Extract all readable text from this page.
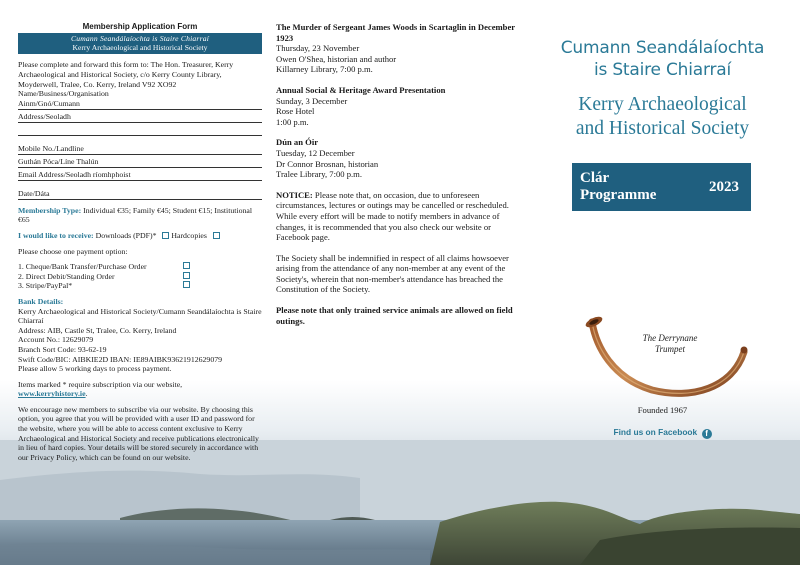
Membership Application Form
Cumann Seandálaíochta is Staire Chiarraí
Kerry Archaeological and Historical Society
Please complete and forward this form to: The Hon. Treasurer, Kerry Archaeological and Historical Society, c/o Kerry County Library, Moyderwell, Tralee, Co. Kerry, Ireland V92 XO92
Name/Business/Organisation
Ainm/Gnó/Cumann
Address/Seoladh
Mobile No./Landline
Guthán Póca/Líne Thalún
Email Address/Seoladh ríomhphoist
Date/Dáta
Membership Type: Individual €35; Family €45; Student €15; Institutional €65
I would like to receive: Downloads (PDF)*  Hardcopies
Please choose one payment option:
1. Cheque/Bank Transfer/Purchase Order
2. Direct Debit/Standing Order
3. Stripe/PayPal*
Bank Details:
Kerry Archaeological and Historical Society/Cumann Seandálaíochta is Staire Chiarraí
Address: AIB, Castle St, Tralee, Co. Kerry, Ireland
Account No.: 12629079
Branch Sort Code: 93-62-19
Swift Code/BIC: AIBKIE2D IBAN: IE89AIBK93621912629079
Please allow 5 working days to process payment.
Items marked * require subscription via our website,
www.kerryhistory.ie.
We encourage new members to subscribe via our website. By choosing this option, you agree that you will be provided with a user ID and password for the website, where you will be able to access content exclusive to Kerry Archaeological and Historical Society and receive publications electronically in lieu of hard copies. Your details will be stored securely in accordance with our Privacy Policy, which can be found on our website.
The Murder of Sergeant James Woods in Scartaglin in December 1923
Thursday, 23 November
Owen O'Shea, historian and author
Killarney Library, 7:00 p.m.
Annual Social & Heritage Award Presentation
Sunday, 3 December
Rose Hotel
1:00 p.m.
Dún an Óir
Tuesday, 12 December
Dr Connor Brosnan, historian
Tralee Library, 7:00 p.m.
NOTICE: Please note that, on occasion, due to unforeseen circumstances, lectures or outings may be cancelled or rescheduled. While every effort will be made to notify members in advance of changes, it is recommended that you also check our website or Facebook page.
The Society shall be indemnified in respect of all claims howsoever arising from the attendance of any non-member at any event of the Society's, wherein that non-member's attendance has breached the Constitution of the Society.
Please note that only trained service animals are allowed on field outings.
Cumann Seandálaíochta
is Staire Chiarraí
Kerry Archaeological
and Historical Society
Clár
Programme
2023
The Derrynane
Trumpet
Founded 1967
Find us on Facebook f
